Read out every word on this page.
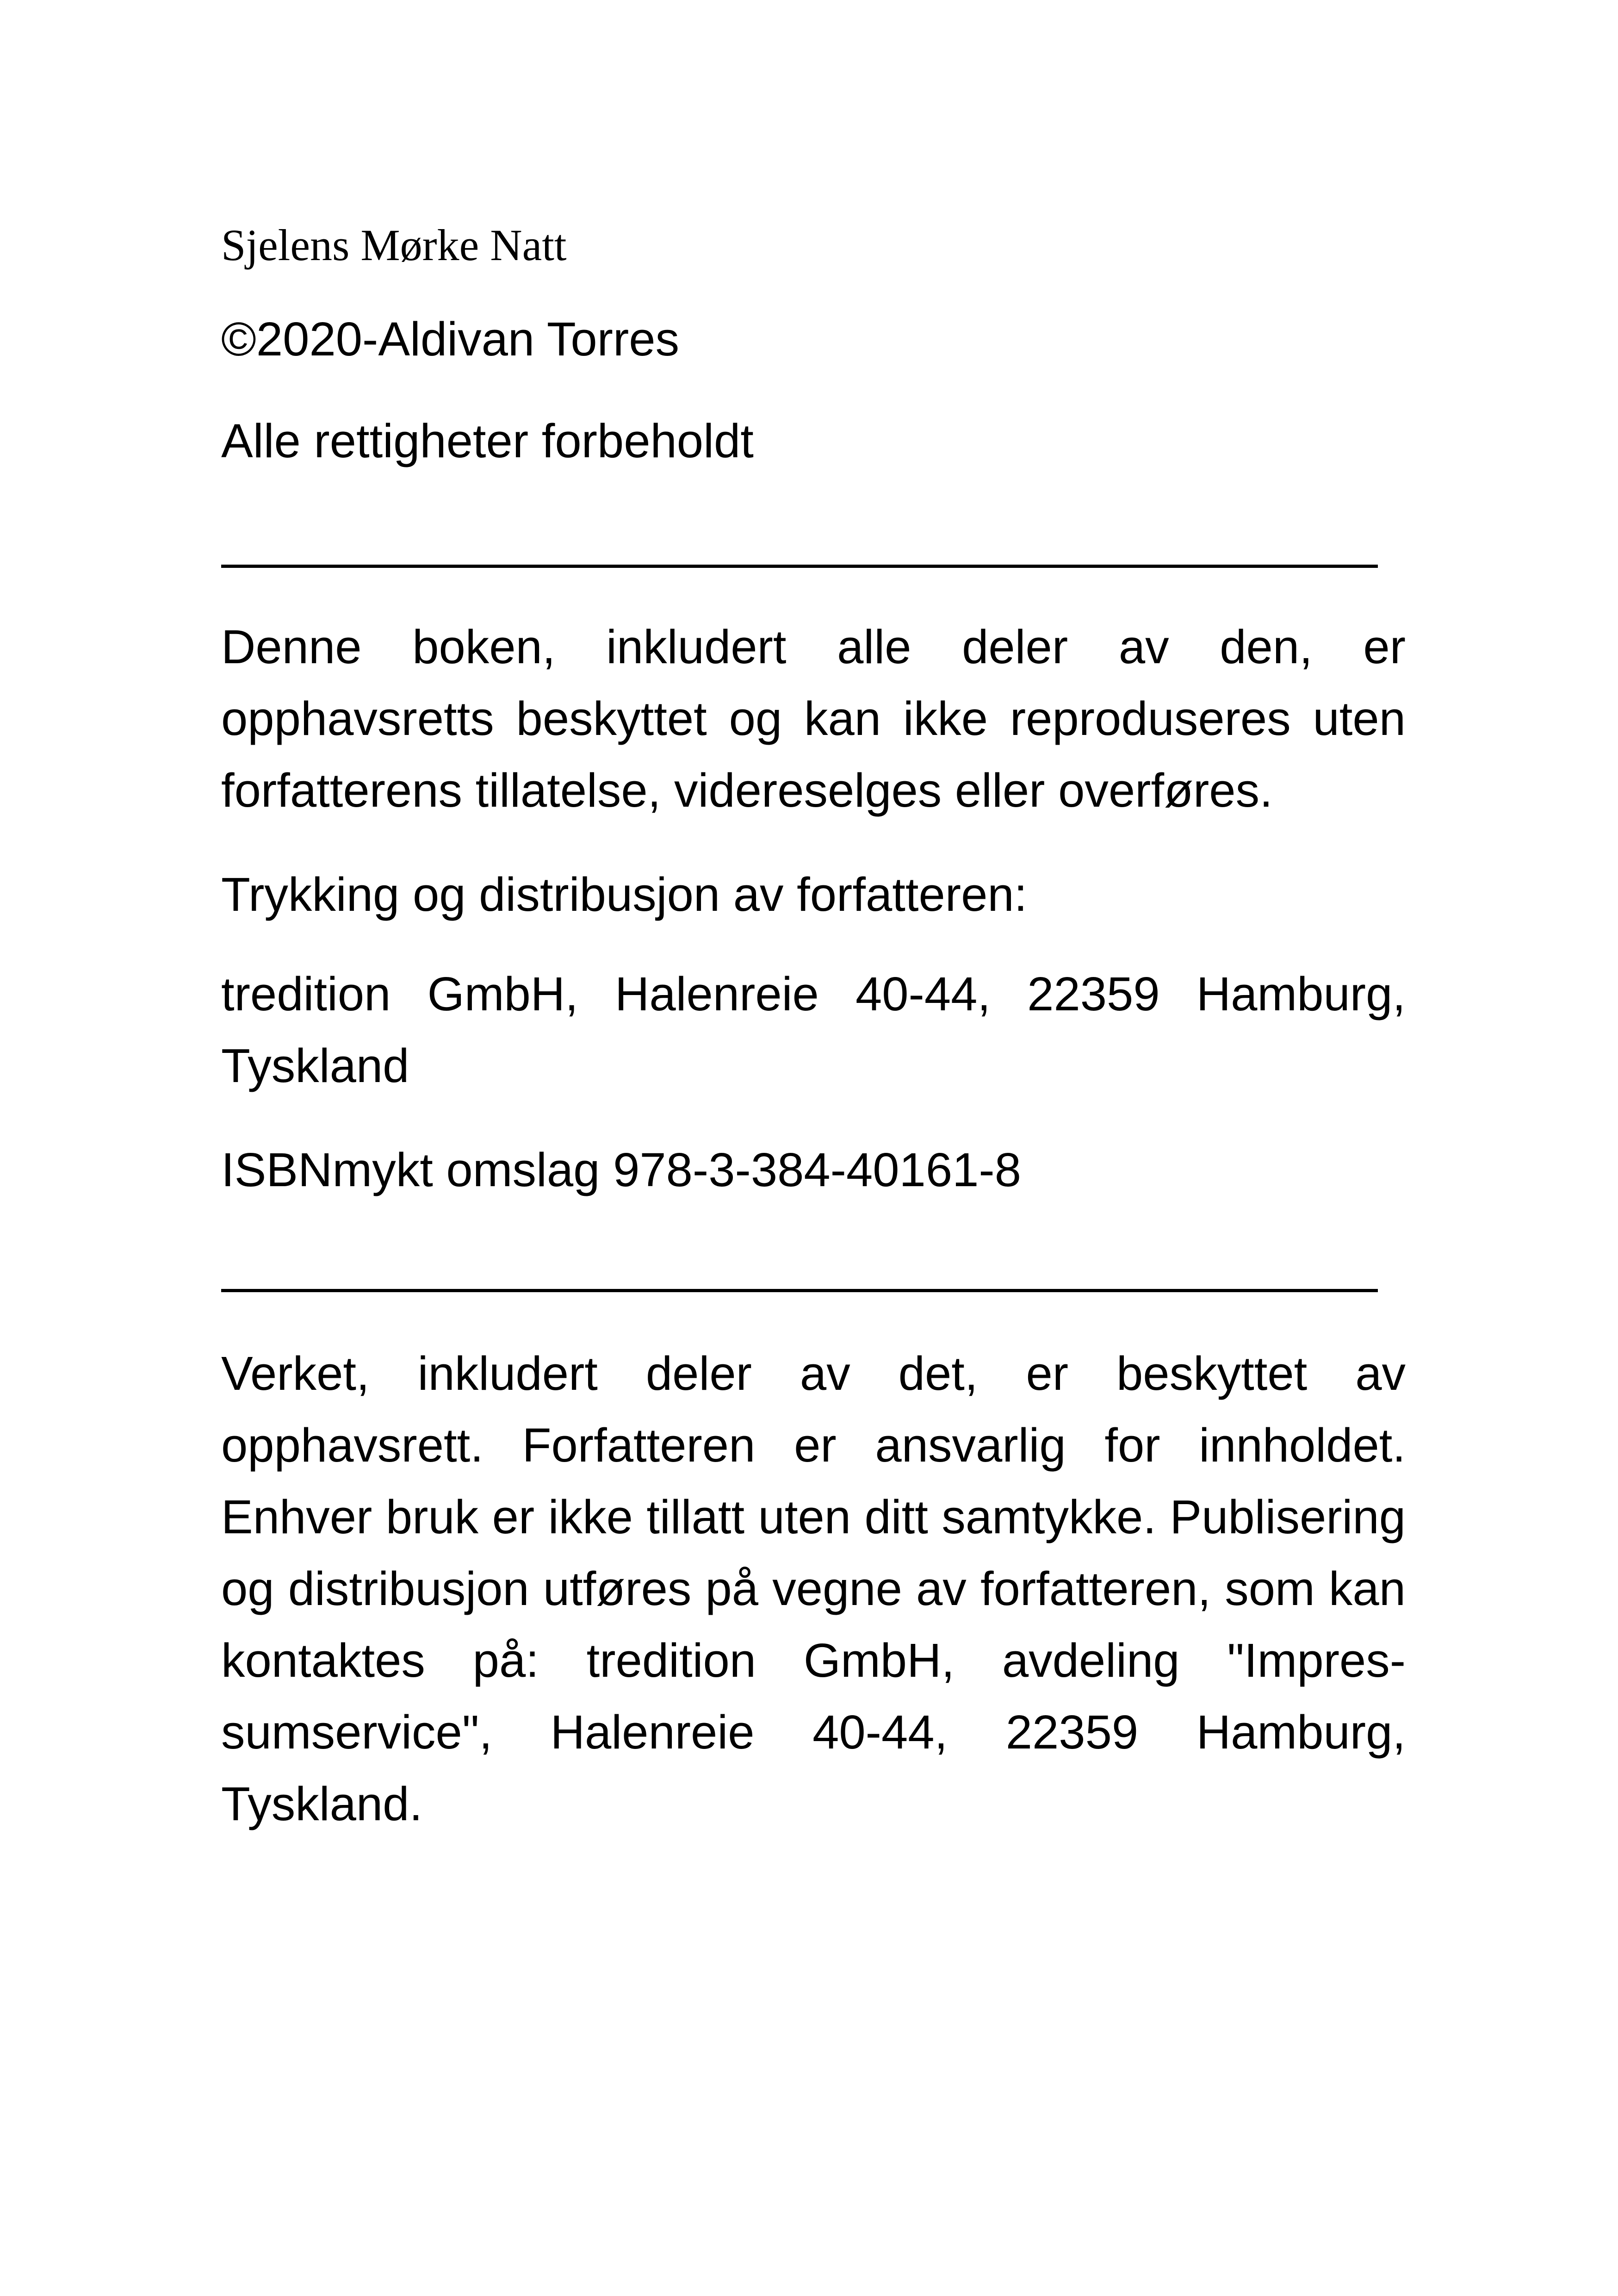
Sjelens Mørke Natt

©2020-Aldivan Torres

Alle rettigheter forbeholdt

Denne boken, inkludert alle deler av den, er opphavsretts beskyttet og kan ikke reproduseres uten forfatterens tillatelse, videreselges eller overføres.

Trykking og distribusjon av forfatteren:

tredition GmbH, Halenreie 40-44, 22359 Hamburg, Tyskland

ISBNmykt omslag 978-3-384-40161-8

Verket, inkludert deler av det, er beskyttet av opphavsrett. Forfatteren er ansvarlig for innholdet. Enhver bruk er ikke tillatt uten ditt samtykke. Publisering og distribusjon utføres på vegne av forfatteren, som kan kontaktes på: tredition GmbH, avdeling "Impres-sumservice", Halenreie 40-44, 22359 Hamburg, Tyskland.
